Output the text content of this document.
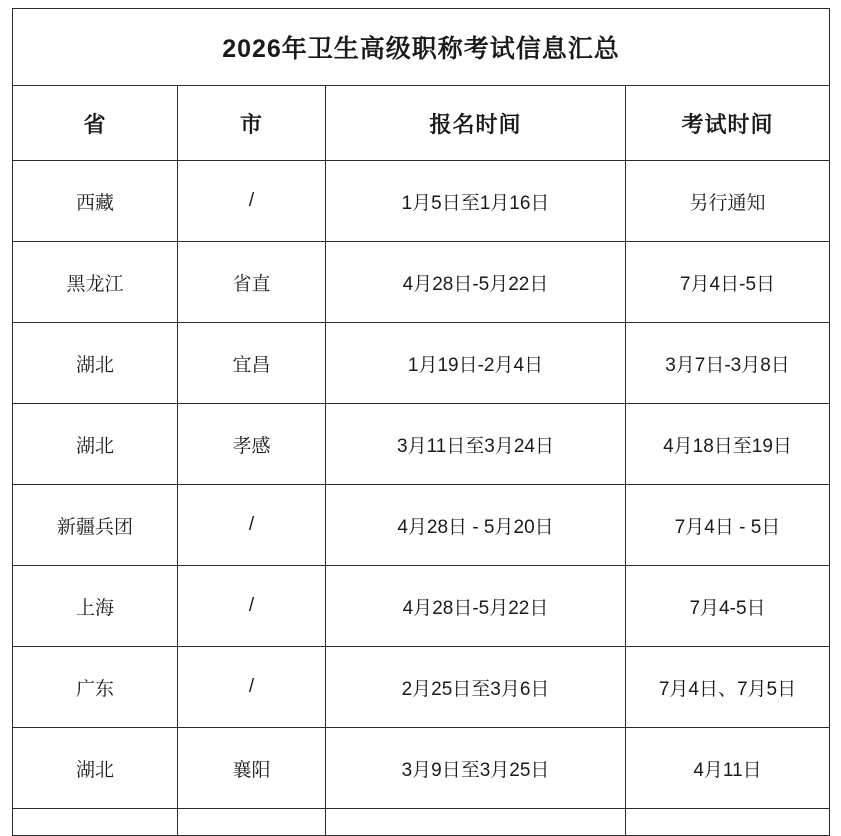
2026年卫生高级职称考试信息汇总			
省	市	报名时间	考试时间
西藏	/	1月5日至1月16日	另行通知
黑龙江	省直	4月28日-5月22日	7月4日-5日
湖北	宜昌	1月19日-2月4日	3月7日-3月8日
湖北	孝感	3月11日至3月24日	4月18日至19日
新疆兵团	/	4月28日 - 5月20日	7月4日 - 5日
上海	/	4月28日-5月22日	7月4-5日
广东	/	2月25日至3月6日	7月4日、7月5日
湖北	襄阳	3月9日至3月25日	4月11日
